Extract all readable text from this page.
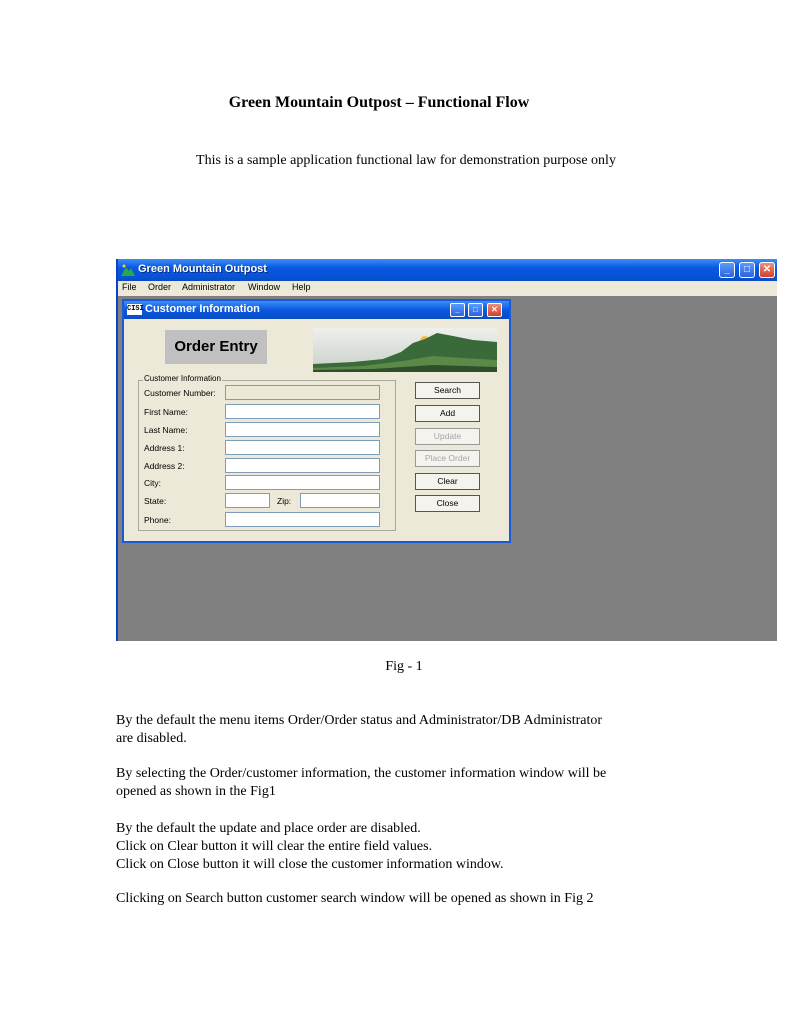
Green Mountain Outpost – Functional Flow
This is a sample application functional law for demonstration purpose only
Green Mountain Outpost	_	□	✕
File Order Administrator Window Help
CISI Customer Information	_	□	✕
Order Entry
Customer Information
Customer Number:
First Name:
Last Name:
Address 1:
Address 2:
City:
State:	Zip:
Phone:
Search
Add
Update
Place Order
Clear
Close
Fig - 1
By the default the menu items Order/Order status and Administrator/DB Administrator
are disabled.
By selecting the Order/customer information, the customer information window will be
opened as shown in the Fig1
By the default the update and place order are disabled.
Click on Clear button it will clear the entire field values.
Click on Close button it will close the customer information window.
Clicking on Search button customer search window will be opened as shown in Fig 2
